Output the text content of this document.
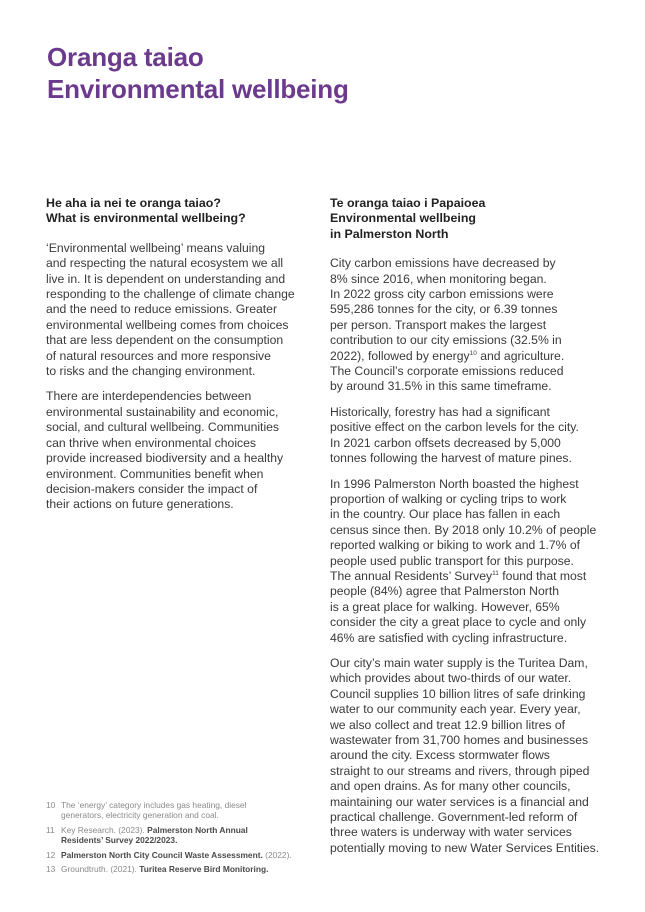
Oranga taiao
Environmental wellbeing
He aha ia nei te oranga taiao?
What is environmental wellbeing?
‘Environmental wellbeing’ means valuing
and respecting the natural ecosystem we all
live in. It is dependent on understanding and
responding to the challenge of climate change
and the need to reduce emissions. Greater
environmental wellbeing comes from choices
that are less dependent on the consumption
of natural resources and more responsive
to risks and the changing environment.
There are interdependencies between
environmental sustainability and economic,
social, and cultural wellbeing. Communities
can thrive when environmental choices
provide increased biodiversity and a healthy
environment. Communities benefit when
decision-makers consider the impact of
their actions on future generations.
Te oranga taiao i Papaioea
Environmental wellbeing
in Palmerston North
City carbon emissions have decreased by
8% since 2016, when monitoring began.
In 2022 gross city carbon emissions were
595,286 tonnes for the city, or 6.39 tonnes
per person. Transport makes the largest
contribution to our city emissions (32.5% in
2022), followed by energy$^{10}$ and agriculture.
The Council’s corporate emissions reduced
by around 31.5% in this same timeframe.
Historically, forestry has had a significant
positive effect on the carbon levels for the city.
In 2021 carbon offsets decreased by 5,000
tonnes following the harvest of mature pines.
In 1996 Palmerston North boasted the highest
proportion of walking or cycling trips to work
in the country. Our place has fallen in each
census since then. By 2018 only 10.2% of people
reported walking or biking to work and 1.7% of
people used public transport for this purpose.
The annual Residents’ Survey$^{11}$ found that most
people (84%) agree that Palmerston North
is a great place for walking. However, 65%
consider the city a great place to cycle and only
46% are satisfied with cycling infrastructure.
Our city’s main water supply is the Turitea Dam,
which provides about two-thirds of our water.
Council supplies 10 billion litres of safe drinking
water to our community each year. Every year,
we also collect and treat 12.9 billion litres of
wastewater from 31,700 homes and businesses
around the city. Excess stormwater flows
straight to our streams and rivers, through piped
and open drains. As for many other councils,
maintaining our water services is a financial and
practical challenge. Government-led reform of
three waters is underway with water services
potentially moving to new Water Services Entities.
10 The ‘energy’ category includes gas heating, diesel
generators, electricity generation and coal.
11 Key Research. (2023). Palmerston North Annual
Residents’ Survey 2022/2023.
12 Palmerston North City Council Waste Assessment. (2022).
13 Groundtruth. (2021). Turitea Reserve Bird Monitoring.
